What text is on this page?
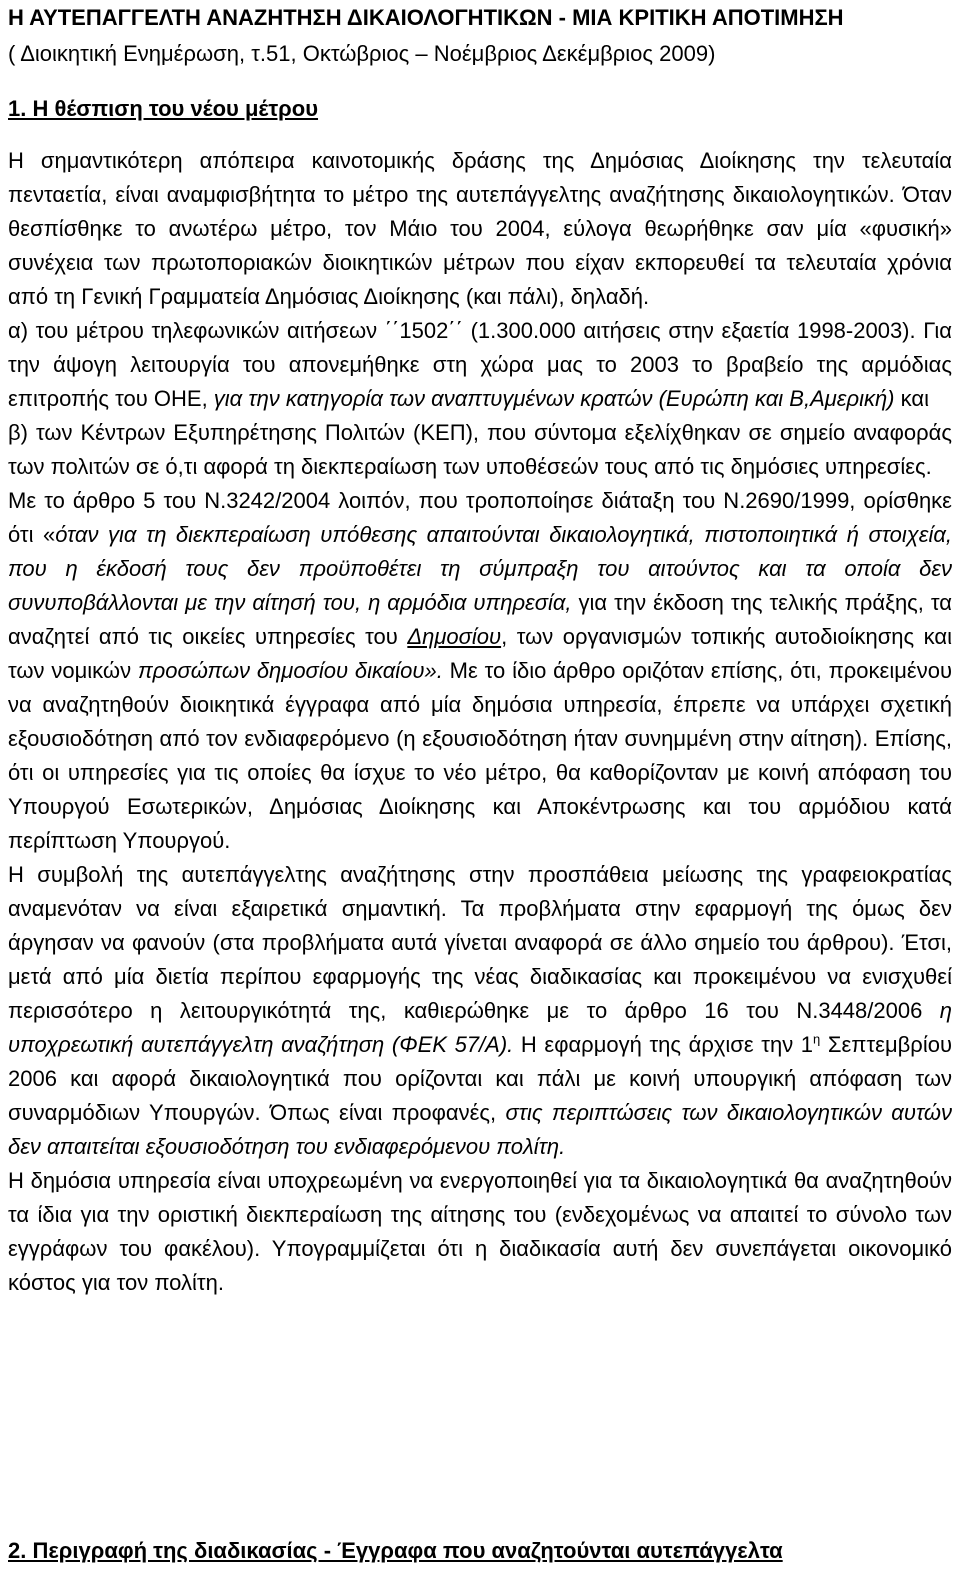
Η ΑΥΤΕΠΑΓΓΕΛΤΗ ΑΝΑΖΗΤΗΣΗ ΔΙΚΑΙΟΛΟΓΗΤΙΚΩΝ - ΜΙΑ ΚΡΙΤΙΚΗ ΑΠΟΤΙΜΗΣΗ
( Διοικητική Ενημέρωση, τ.51, Οκτώβριος – Νοέμβριος Δεκέμβριος 2009)
1. Η θέσπιση του νέου μέτρου

Η σημαντικότερη απόπειρα καινοτομικής δράσης της Δημόσιας Διοίκησης την τελευταία πενταετία, είναι αναμφισβήτητα το μέτρο της αυτεπάγγελτης αναζήτησης δικαιολογητικών. Όταν θεσπίσθηκε το ανωτέρω μέτρο, τον Μάιο του 2004, εύλογα θεωρήθηκε σαν μία «φυσική» συνέχεια των πρωτοποριακών διοικητικών μέτρων που είχαν εκπορευθεί τα τελευταία χρόνια από τη Γενική Γραμματεία Δημόσιας Διοίκησης (και πάλι), δηλαδή.

α) του μέτρου τηλεφωνικών αιτήσεων ΄΄1502΄΄ (1.300.000 αιτήσεις στην εξαετία 1998-2003). Για την άψογη λειτουργία του απονεμήθηκε στη χώρα μας το 2003 το βραβείο της αρμόδιας επιτροπής του ΟΗΕ, για την κατηγορία των αναπτυγμένων κρατών (Ευρώπη και Β,Αμερική) και

β) των Κέντρων Εξυπηρέτησης Πολιτών (ΚΕΠ), που σύντομα εξελίχθηκαν σε σημείο αναφοράς των πολιτών σε ό,τι αφορά τη διεκπεραίωση των υποθέσεών τους από τις δημόσιες υπηρεσίες.

Με το άρθρο 5 του Ν.3242/2004 λοιπόν, που τροποποίησε διάταξη του Ν.2690/1999, ορίσθηκε ότι «όταν για τη διεκπεραίωση υπόθεσης απαιτούνται δικαιολογητικά, πιστοποιητικά ή στοιχεία, που η έκδοσή τους δεν προϋποθέτει τη σύμπραξη του αιτούντος και τα οποία δεν συνυποβάλλονται με την αίτησή του, η αρμόδια υπηρεσία, για την έκδοση της τελικής πράξης, τα αναζητεί από τις οικείες υπηρεσίες του Δημοσίου, των οργανισμών τοπικής αυτοδιοίκησης και των νομικών προσώπων δημοσίου δικαίου». Με το ίδιο άρθρο οριζόταν επίσης, ότι, προκειμένου να αναζητηθούν διοικητικά έγγραφα από μία δημόσια υπηρεσία, έπρεπε να υπάρχει σχετική εξουσιοδότηση από τον ενδιαφερόμενο (η εξουσιοδότηση ήταν συνημμένη στην αίτηση). Επίσης, ότι οι υπηρεσίες για τις οποίες θα ίσχυε το νέο μέτρο, θα καθορίζονταν με κοινή απόφαση του Υπουργού Εσωτερικών, Δημόσιας Διοίκησης και Αποκέντρωσης και του αρμόδιου κατά περίπτωση Υπουργού.

Η συμβολή της αυτεπάγγελτης αναζήτησης στην προσπάθεια μείωσης της γραφειοκρατίας αναμενόταν να είναι εξαιρετικά σημαντική. Τα προβλήματα στην εφαρμογή της όμως δεν άργησαν να φανούν (στα προβλήματα αυτά γίνεται αναφορά σε άλλο σημείο του άρθρου). Έτσι, μετά από μία διετία περίπου εφαρμογής της νέας διαδικασίας και προκειμένου να ενισχυθεί περισσότερο η λειτουργικότητά της, καθιερώθηκε με το άρθρο 16 του Ν.3448/2006 η υποχρεωτική αυτεπάγγελτη αναζήτηση (ΦΕΚ 57/Α). Η εφαρμογή της άρχισε την $1^\eta$ Σεπτεμβρίου 2006 και αφορά δικαιολογητικά που ορίζονται και πάλι με κοινή υπουργική απόφαση των συναρμόδιων Υπουργών. Όπως είναι προφανές, στις περιπτώσεις των δικαιολογητικών αυτών δεν απαιτείται εξουσιοδότηση του ενδιαφερόμενου πολίτη.

Η δημόσια υπηρεσία είναι υποχρεωμένη να ενεργοποιηθεί για τα δικαιολογητικά θα αναζητηθούν τα ίδια για την οριστική διεκπεραίωση της αίτησης του (ενδεχομένως να απαιτεί το σύνολο των εγγράφων του φακέλου). Υπογραμμίζεται ότι η διαδικασία αυτή δεν συνεπάγεται οικονομικό κόστος για τον πολίτη.

2. Περιγραφή της διαδικασίας - Έγγραφα που αναζητούνται αυτεπάγγελτα
